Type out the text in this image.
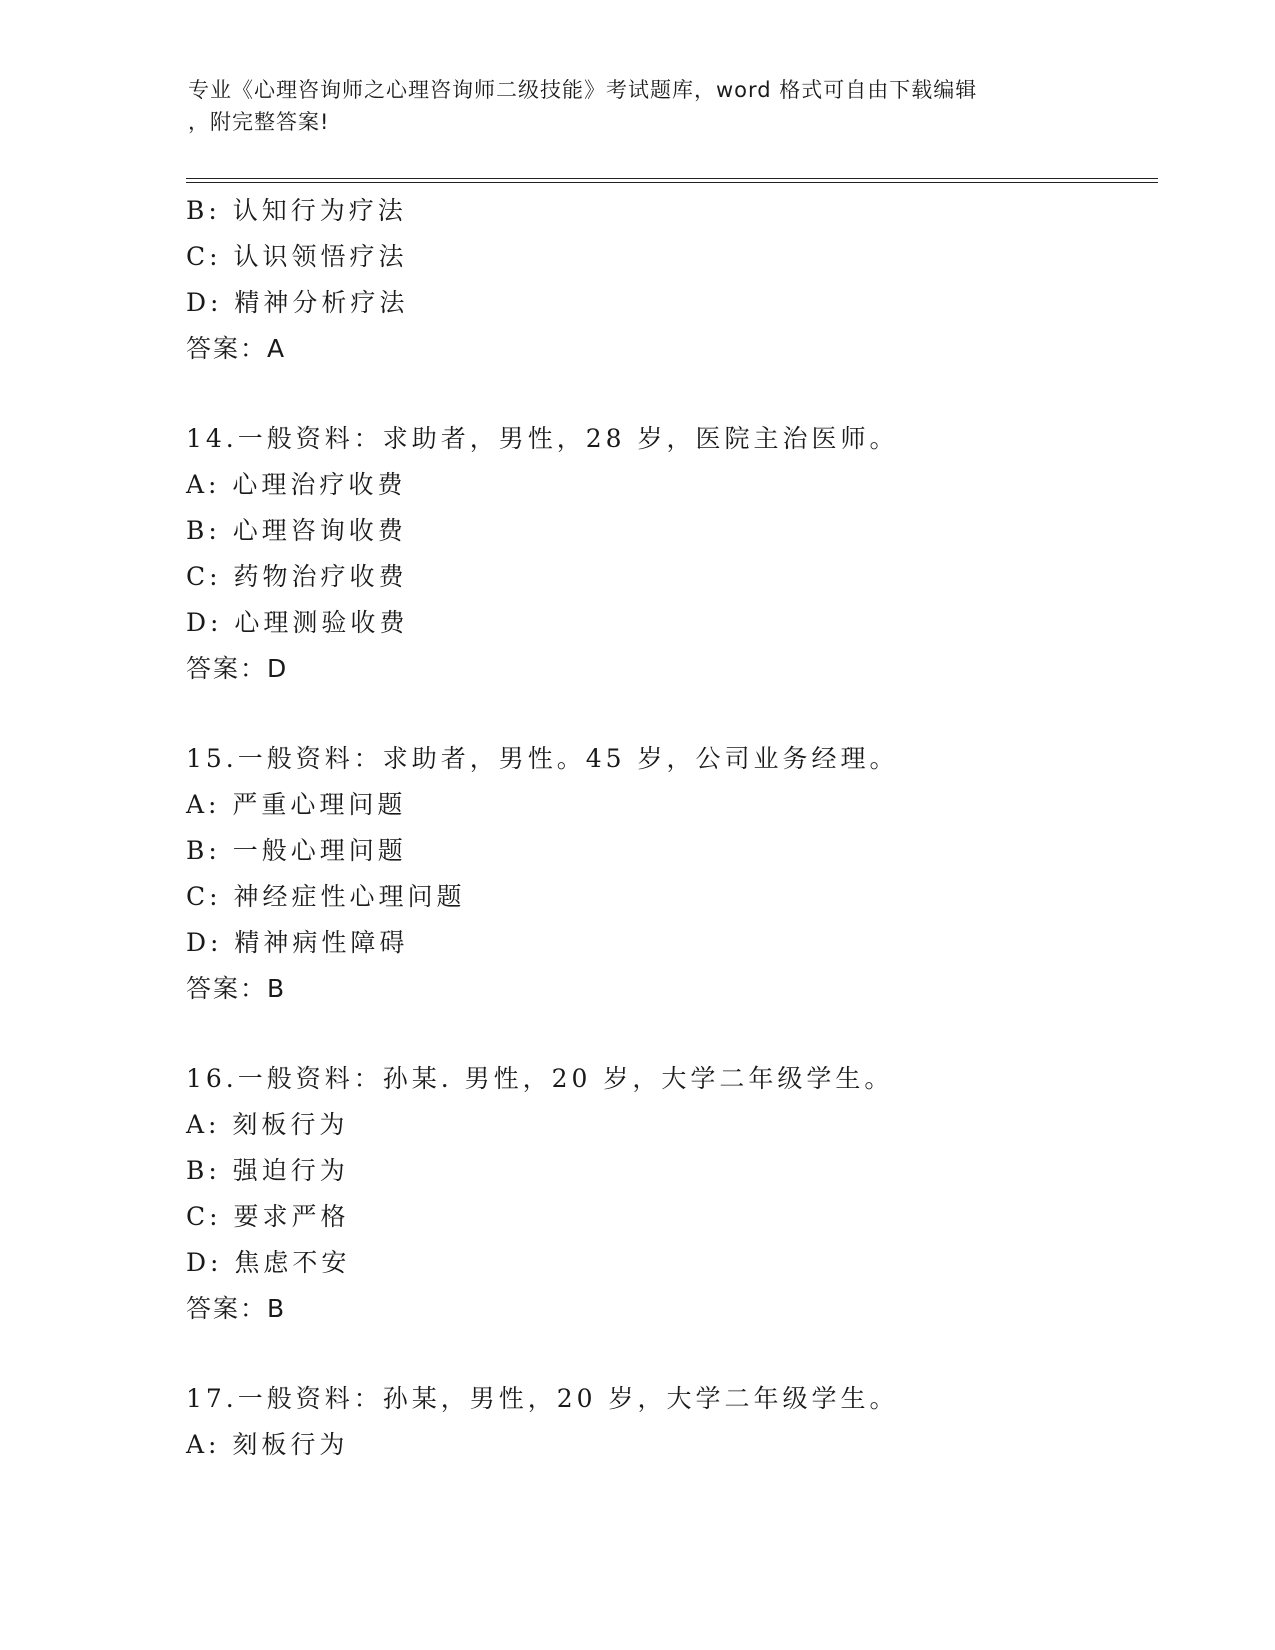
专业《心理咨询师之心理咨询师二级技能》考试题库，word 格式可自由下载编辑
，附完整答案!
B: 认知行为疗法
C: 认识领悟疗法
D: 精神分析疗法
答案：A
14.一般资料：求助者，男性，28 岁，医院主治医师。
A: 心理治疗收费
B: 心理咨询收费
C: 药物治疗收费
D: 心理测验收费
答案：D
15.一般资料：求助者，男性。45 岁，公司业务经理。
A: 严重心理问题
B: 一般心理问题
C: 神经症性心理问题
D: 精神病性障碍
答案：B
16.一般资料：孙某. 男性，20 岁，大学二年级学生。
A: 刻板行为
B: 强迫行为
C: 要求严格
D: 焦虑不安
答案：B
17.一般资料：孙某，男性，20 岁，大学二年级学生。
A: 刻板行为
